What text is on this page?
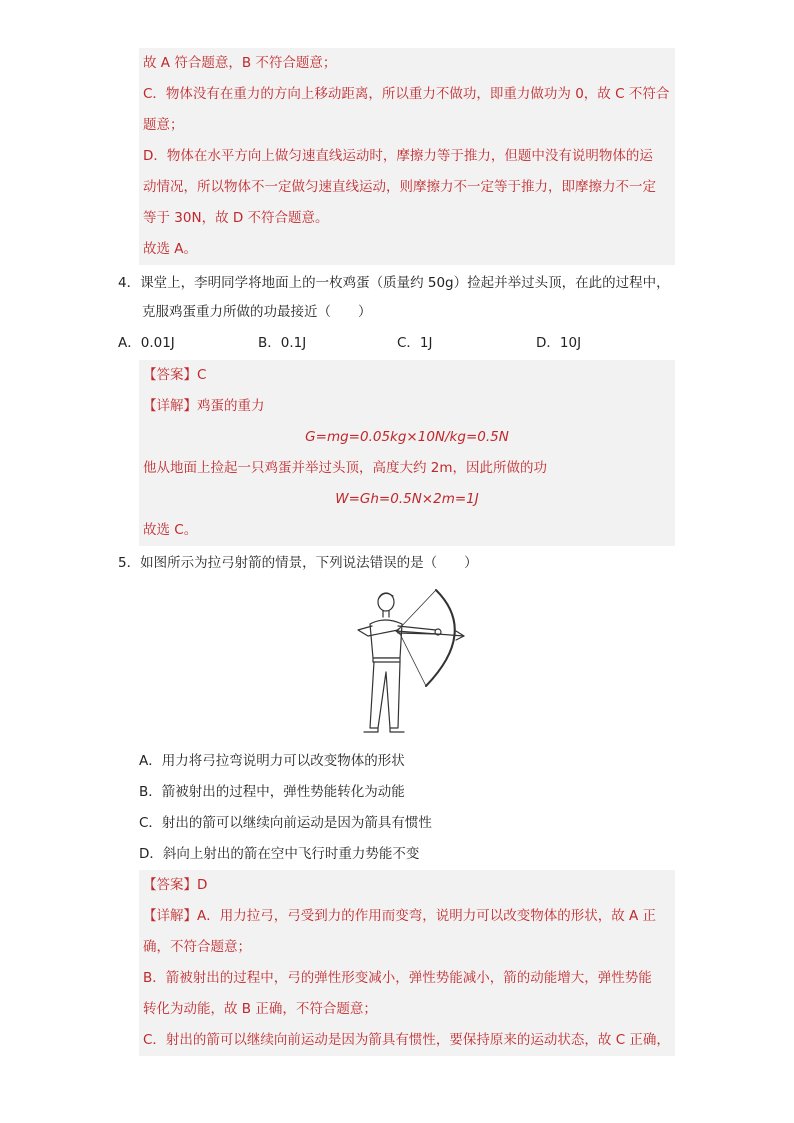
故 A 符合题意，B 不符合题意；
C．物体没有在重力的方向上移动距离，所以重力不做功，即重力做功为 0，故 C 不符合
题意；
D．物体在水平方向上做匀速直线运动时，摩擦力等于推力，但题中没有说明物体的运
动情况，所以物体不一定做匀速直线运动，则摩擦力不一定等于推力，即摩擦力不一定
等于 30N，故 D 不符合题意。
故选 A。
4．课堂上，李明同学将地面上的一枚鸡蛋（质量约 50g）捡起并举过头顶，在此的过程中，
克服鸡蛋重力所做的功最接近（　　）
A．0.01J	B．0.1J	C．1J	D．10J
【答案】C
【详解】鸡蛋的重力
G=mg=0.05kg×10N/kg=0.5N
他从地面上捡起一只鸡蛋并举过头顶，高度大约 2m，因此所做的功
W=Gh=0.5N×2m=1J
故选 C。
5．如图所示为拉弓射箭的情景，下列说法错误的是（　　）
A．用力将弓拉弯说明力可以改变物体的形状
B．箭被射出的过程中，弹性势能转化为动能
C．射出的箭可以继续向前运动是因为箭具有惯性
D．斜向上射出的箭在空中飞行时重力势能不变
【答案】D
【详解】A．用力拉弓，弓受到力的作用而变弯，说明力可以改变物体的形状，故 A 正
确，不符合题意；
B．箭被射出的过程中，弓的弹性形变减小，弹性势能减小，箭的动能增大，弹性势能
转化为动能，故 B 正确，不符合题意；
C．射出的箭可以继续向前运动是因为箭具有惯性，要保持原来的运动状态，故 C 正确，
